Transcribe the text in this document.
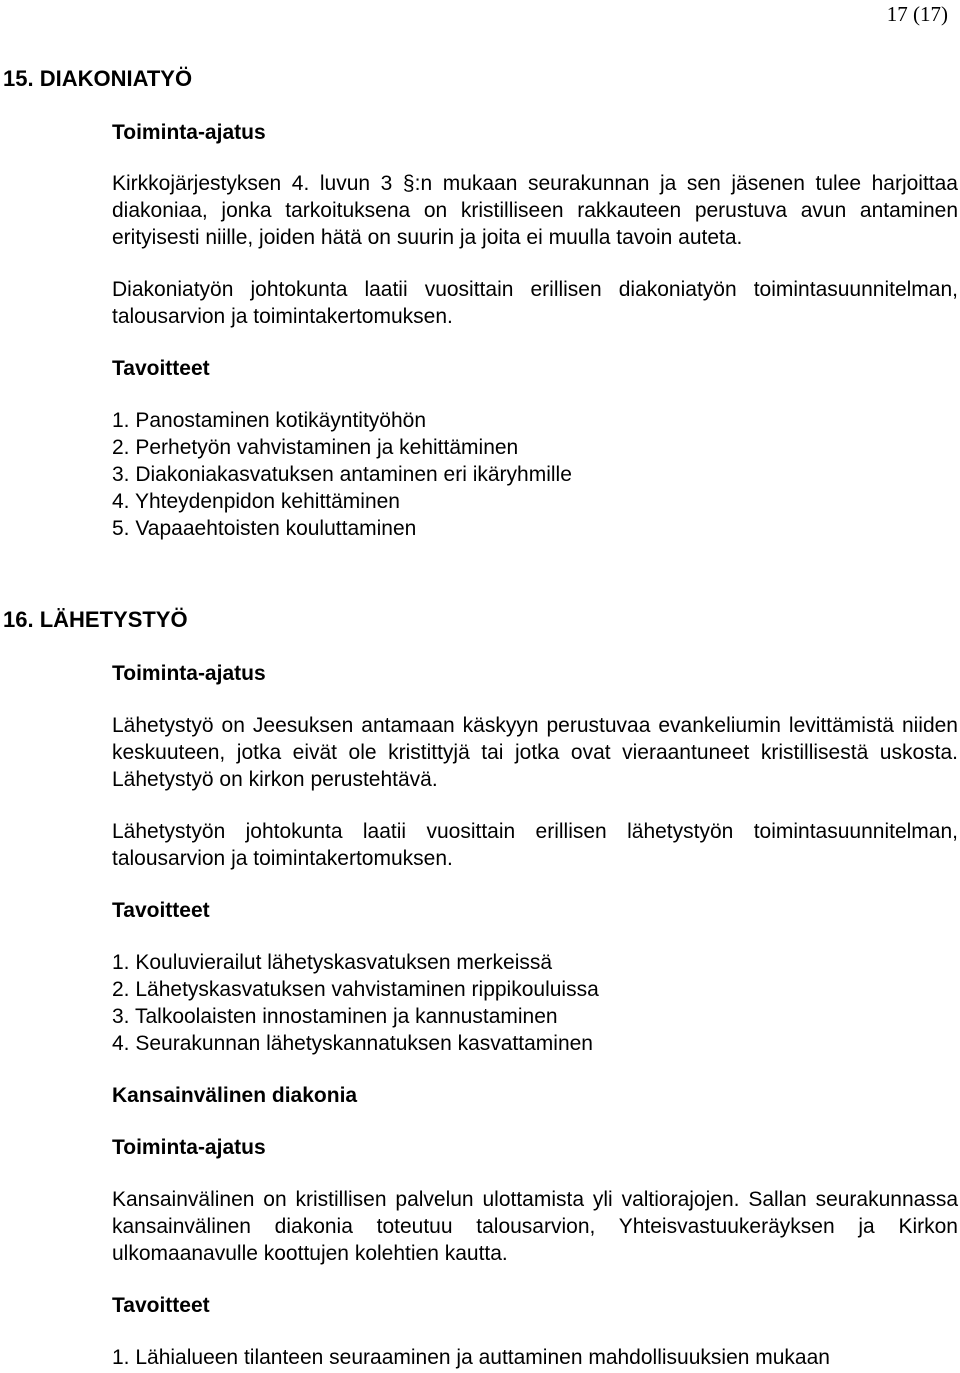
17 (17)
15. DIAKONIATYÖ
Toiminta-ajatus

Kirkkojärjestyksen 4. luvun 3 §:n mukaan seurakunnan ja sen jäsenen tulee harjoittaa diakoniaa, jonka tarkoituksena on kristilliseen rakkauteen perustuva avun antaminen erityisesti niille, joiden hätä on suurin ja joita ei muulla tavoin auteta.

Diakoniatyön johtokunta laatii vuosittain erillisen diakoniatyön toimintasuunnitelman, talousarvion ja toimintakertomuksen.

Tavoitteet
1. Panostaminen kotikäyntityöhön
2. Perhetyön vahvistaminen ja kehittäminen
3. Diakoniakasvatuksen antaminen eri ikäryhmille
4. Yhteydenpidon kehittäminen
5. Vapaaehtoisten kouluttaminen
16. LÄHETYSTYÖ
Toiminta-ajatus

Lähetystyö on Jeesuksen antamaan käskyyn perustuvaa evankeliumin levittämistä niiden keskuuteen, jotka eivät ole kristittyjä tai jotka ovat vieraantuneet kristillisestä uskosta. Lähetystyö on kirkon perustehtävä.

Lähetystyön johtokunta laatii vuosittain erillisen lähetystyön toimintasuunnitelman, talousarvion ja toimintakertomuksen.

Tavoitteet
1. Kouluvierailut lähetyskasvatuksen merkeissä
2. Lähetyskasvatuksen vahvistaminen rippikouluissa
3. Talkoolaisten innostaminen ja kannustaminen
4. Seurakunnan lähetyskannatuksen kasvattaminen
Kansainvälinen diakonia
Toiminta-ajatus

Kansainvälinen on kristillisen palvelun ulottamista yli valtiorajojen. Sallan seurakunnassa kansainvälinen diakonia toteutuu talousarvion, Yhteisvastuukeräyksen ja Kirkon ulkomaanavulle koottujen kolehtien kautta.

Tavoitteet
1. Lähialueen tilanteen seuraaminen ja auttaminen mahdollisuuksien mukaan
